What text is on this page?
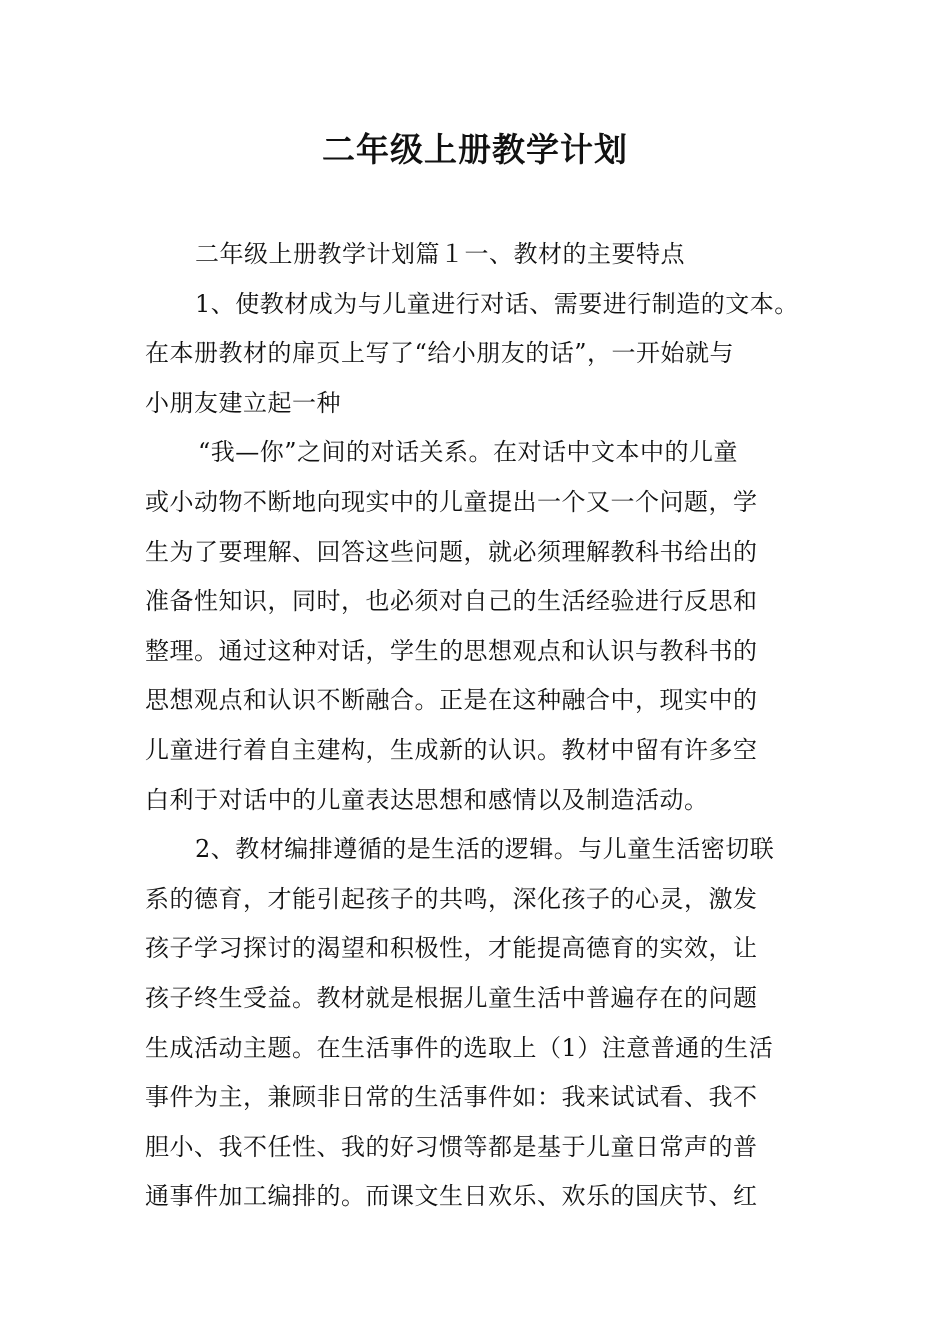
二年级上册教学计划
二年级上册教学计划篇１一、教材的主要特点
1、使教材成为与儿童进行对话、需要进行制造的文本。
在本册教材的扉页上写了“给小朋友的话”，一开始就与
小朋友建立起一种
“我—你”之间的对话关系。在对话中文本中的儿童
或小动物不断地向现实中的儿童提出一个又一个问题，学
生为了要理解、回答这些问题，就必须理解教科书给出的
准备性知识，同时，也必须对自己的生活经验进行反思和
整理。通过这种对话，学生的思想观点和认识与教科书的
思想观点和认识不断融合。正是在这种融合中，现实中的
儿童进行着自主建构，生成新的认识。教材中留有许多空
白利于对话中的儿童表达思想和感情以及制造活动。
2、教材编排遵循的是生活的逻辑。与儿童生活密切联
系的德育，才能引起孩子的共鸣，深化孩子的心灵，激发
孩子学习探讨的渴望和积极性，才能提高德育的实效，让
孩子终生受益。教材就是根据儿童生活中普遍存在的问题
生成活动主题。在生活事件的选取上（1）注意普通的生活
事件为主，兼顾非日常的生活事件如：我来试试看、我不
胆小、我不任性、我的好习惯等都是基于儿童日常声的普
通事件加工编排的。而课文生日欢乐、欢乐的国庆节、红
